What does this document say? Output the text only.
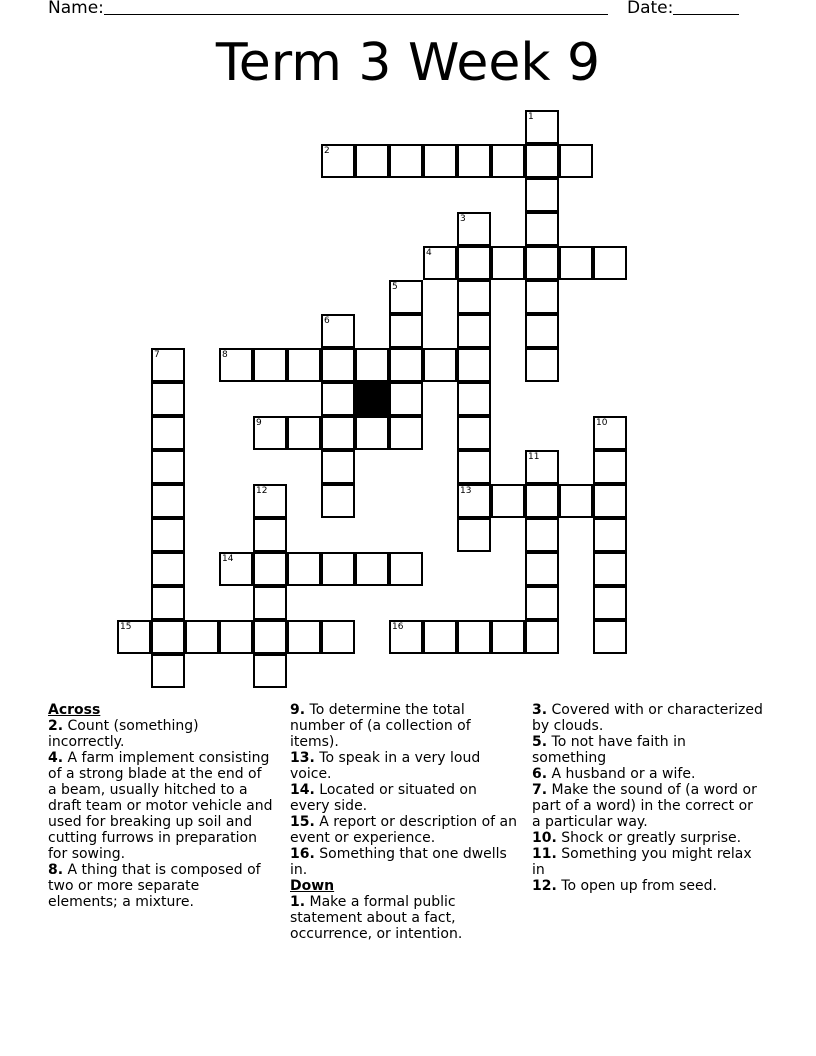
Name:	Date:
Term 3 Week 9
1
2
3
13
4
5
6
7	8
9	10
11
12
14
15	16
Across
2. Count (something) incorrectly.
4. A farm implement consisting of a strong blade at the end of a beam, usually hitched to a draft team or motor vehicle and used for breaking up soil and cutting furrows in preparation for sowing.
8. A thing that is composed of two or more separate elements; a mixture.
9. To determine the total number of (a collection of items).
13. To speak in a very loud voice.
14. Located or situated on every side.
15. A report or description of an event or experience.
16. Something that one dwells in.
Down
1. Make a formal public statement about a fact, occurrence, or intention.
3. Covered with or characterized by clouds.
5. To not have faith in something
6. A husband or a wife.
7. Make the sound of (a word or part of a word) in the correct or a particular way.
10. Shock or greatly surprise.
11. Something you might relax in
12. To open up from seed.
